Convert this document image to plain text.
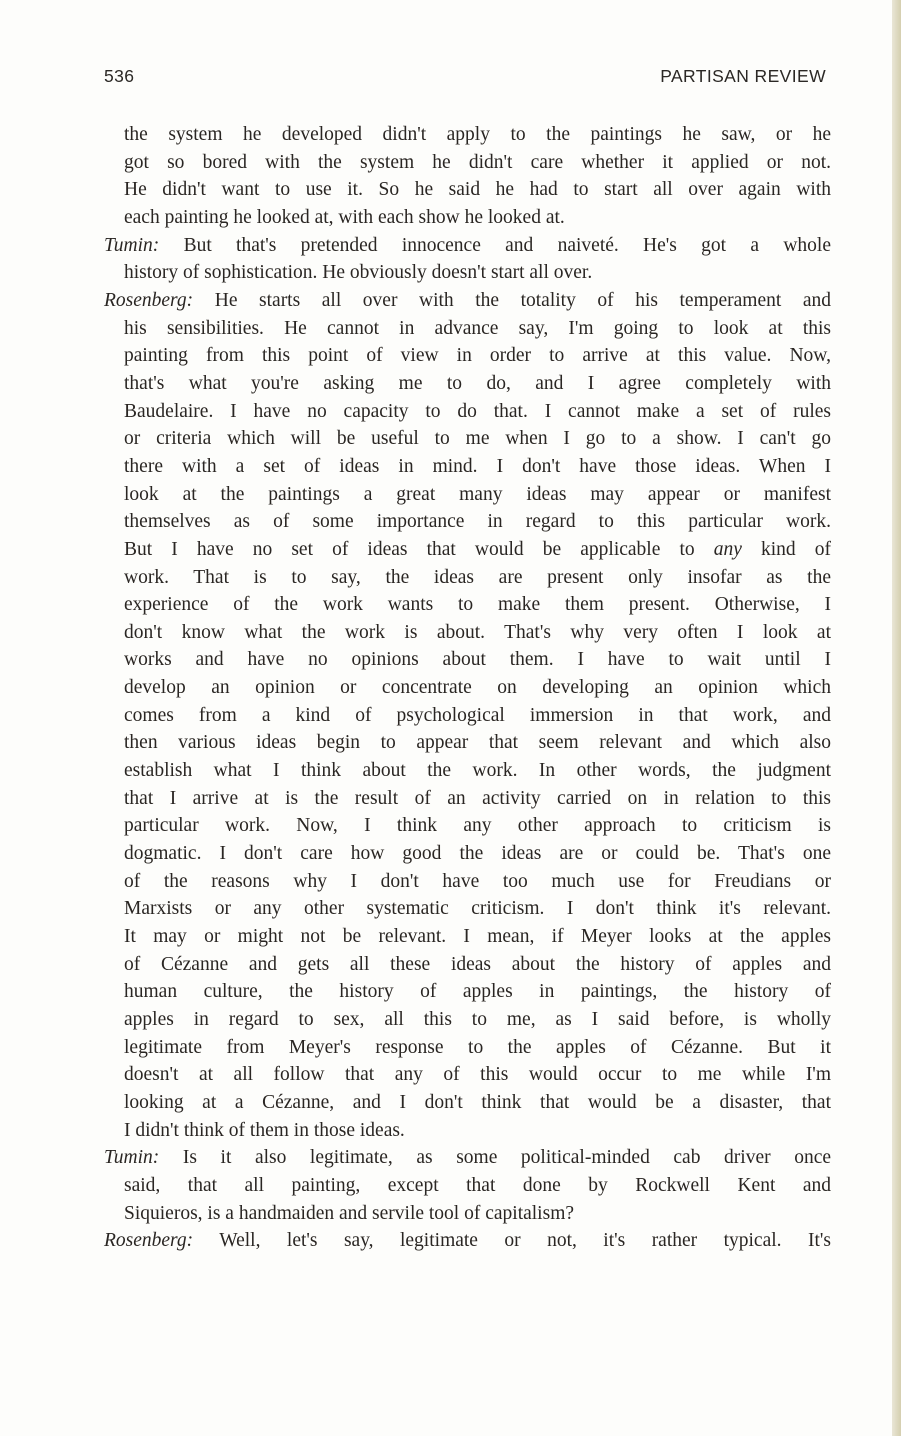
536	PARTISAN REVIEW
the system he developed didn't apply to the paintings he saw, or he
got so bored with the system he didn't care whether it applied or not.
He didn't want to use it. So he said he had to start all over again with
each painting he looked at, with each show he looked at.
Tumin: But that's pretended innocence and naiveté. He's got a whole
history of sophistication. He obviously doesn't start all over.
Rosenberg: He starts all over with the totality of his temperament and
his sensibilities. He cannot in advance say, I'm going to look at this
painting from this point of view in order to arrive at this value. Now,
that's what you're asking me to do, and I agree completely with
Baudelaire. I have no capacity to do that. I cannot make a set of rules
or criteria which will be useful to me when I go to a show. I can't go
there with a set of ideas in mind. I don't have those ideas. When I
look at the paintings a great many ideas may appear or manifest
themselves as of some importance in regard to this particular work.
But I have no set of ideas that would be applicable to any kind of
work. That is to say, the ideas are present only insofar as the
experience of the work wants to make them present. Otherwise, I
don't know what the work is about. That's why very often I look at
works and have no opinions about them. I have to wait until I
develop an opinion or concentrate on developing an opinion which
comes from a kind of psychological immersion in that work, and
then various ideas begin to appear that seem relevant and which also
establish what I think about the work. In other words, the judgment
that I arrive at is the result of an activity carried on in relation to this
particular work. Now, I think any other approach to criticism is
dogmatic. I don't care how good the ideas are or could be. That's one
of the reasons why I don't have too much use for Freudians or
Marxists or any other systematic criticism. I don't think it's relevant.
It may or might not be relevant. I mean, if Meyer looks at the apples
of Cézanne and gets all these ideas about the history of apples and
human culture, the history of apples in paintings, the history of
apples in regard to sex, all this to me, as I said before, is wholly
legitimate from Meyer's response to the apples of Cézanne. But it
doesn't at all follow that any of this would occur to me while I'm
looking at a Cézanne, and I don't think that would be a disaster, that
I didn't think of them in those ideas.
Tumin: Is it also legitimate, as some political-minded cab driver once
said, that all painting, except that done by Rockwell Kent and
Siquieros, is a handmaiden and servile tool of capitalism?
Rosenberg: Well, let's say, legitimate or not, it's rather typical. It's
